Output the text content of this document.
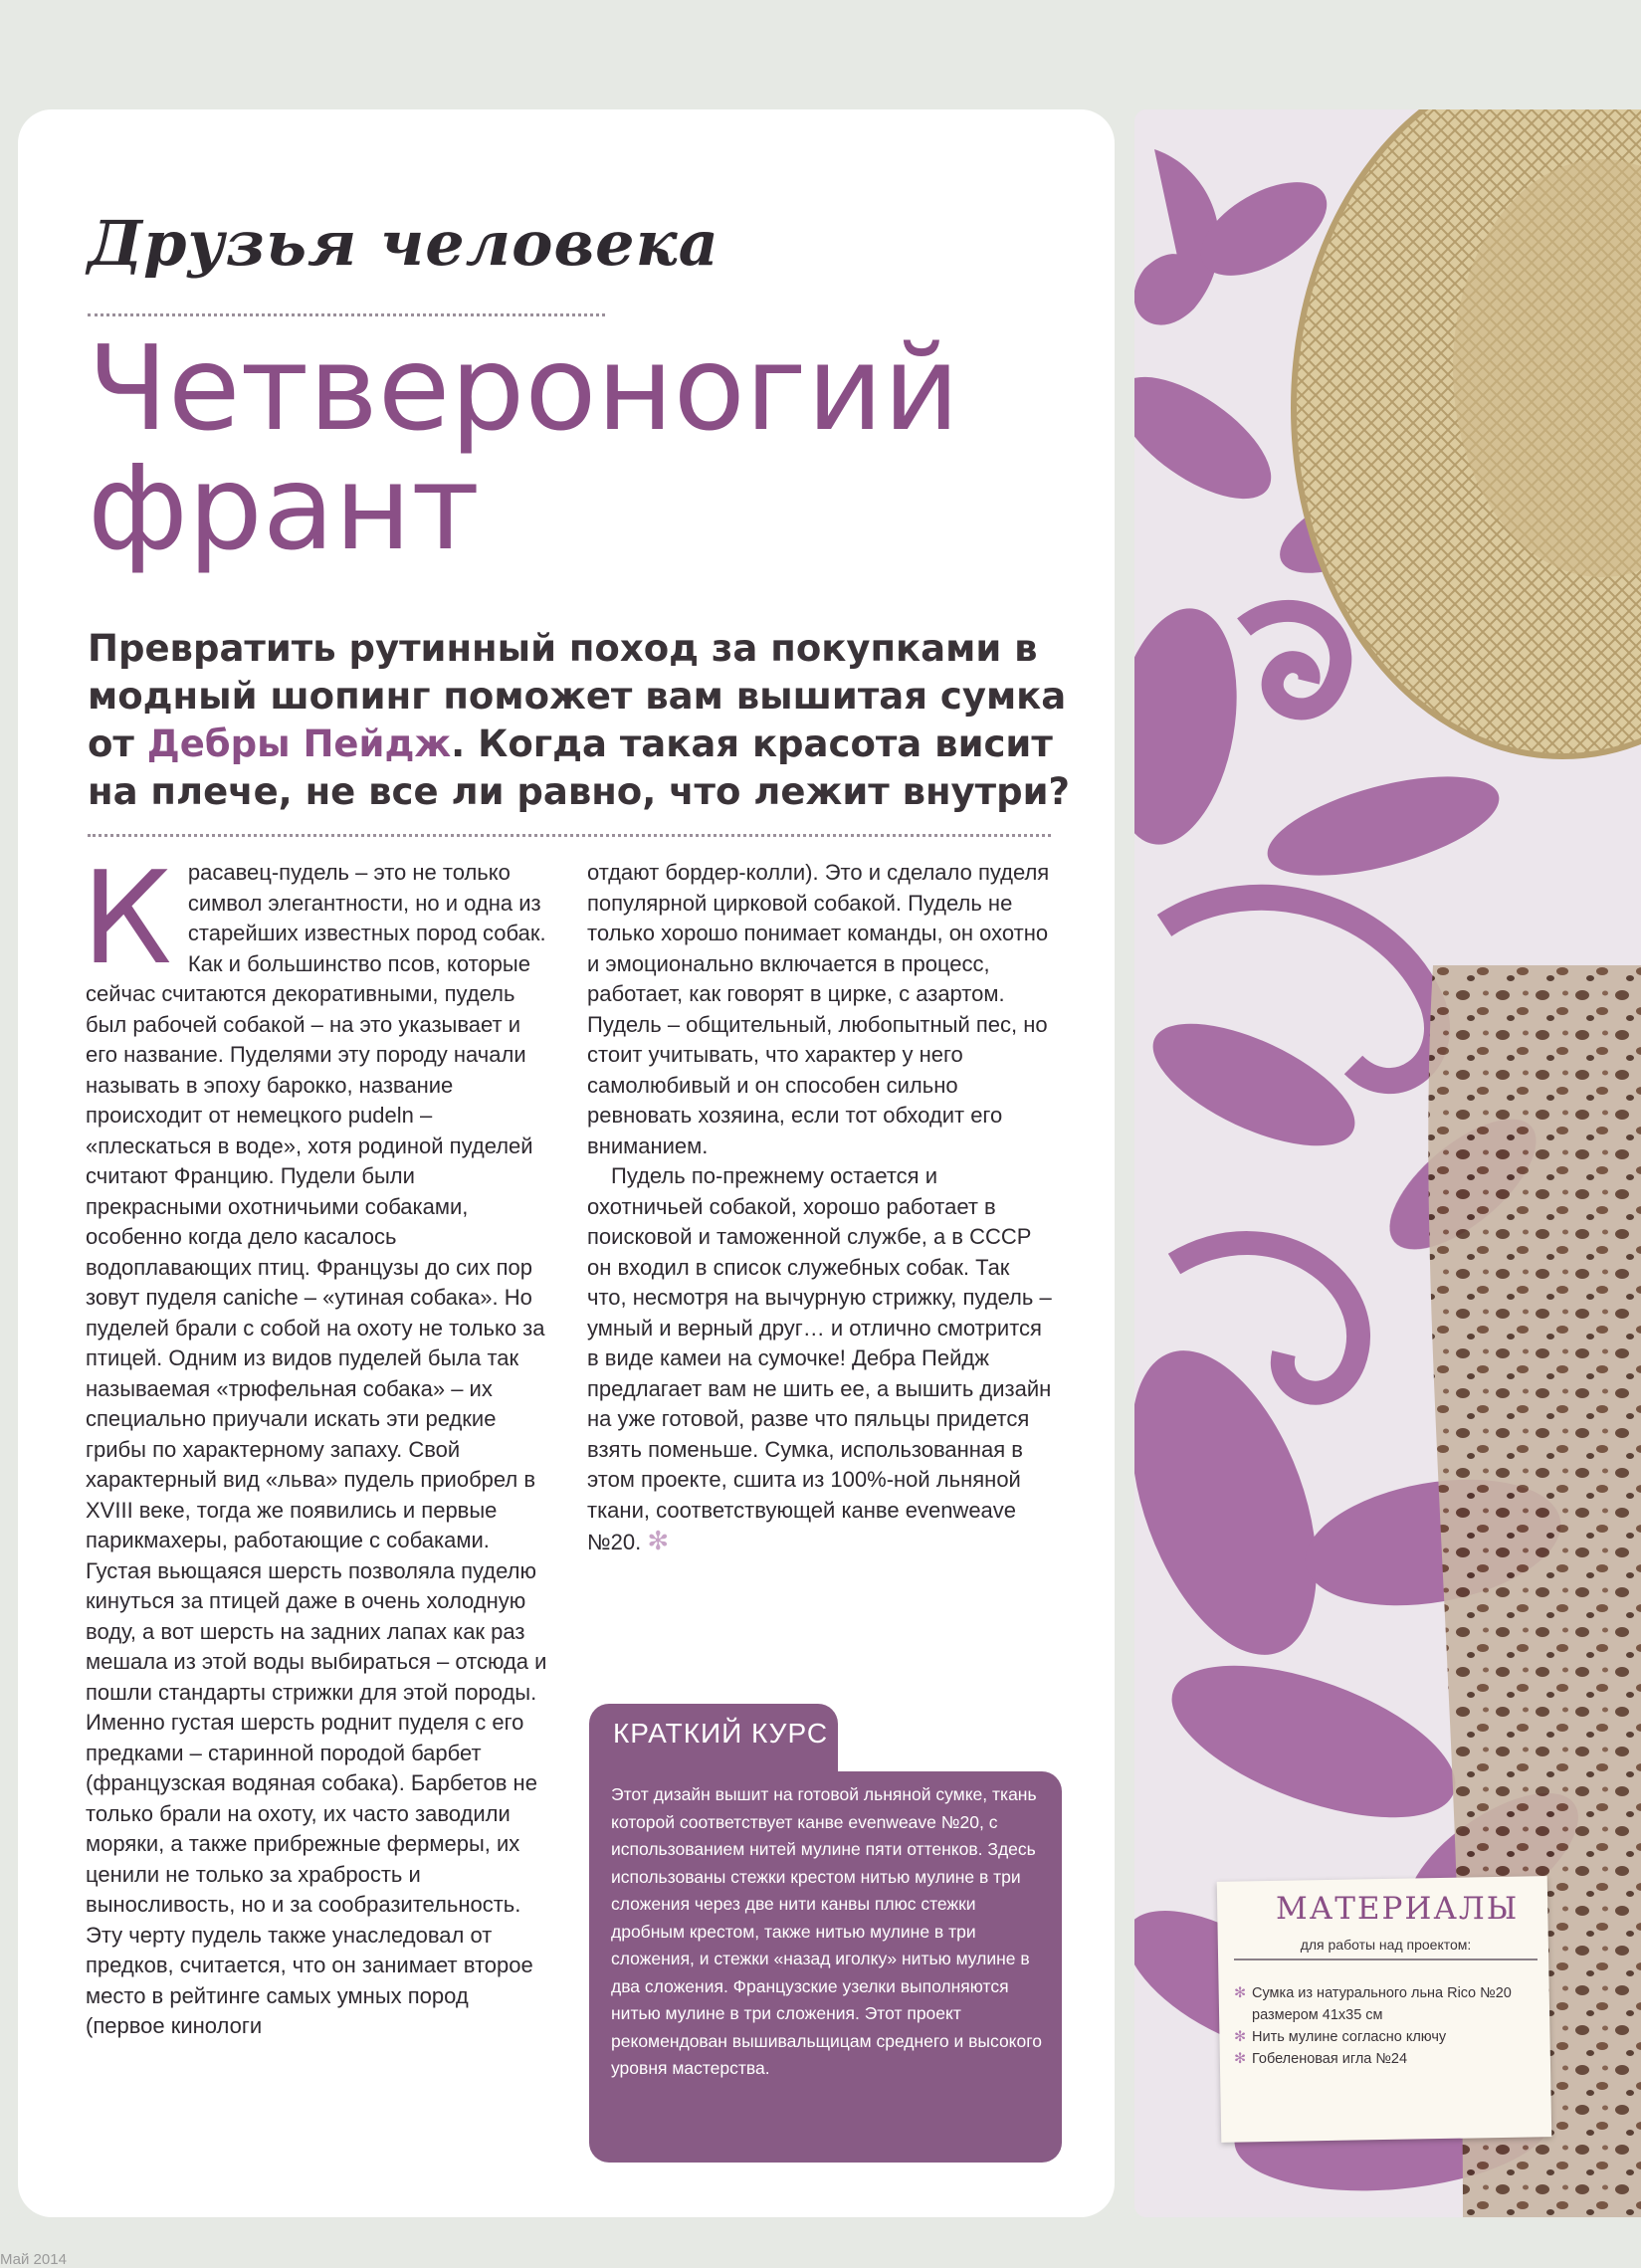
Друзья человека
Четвероногий
франт

Превратить рутинный поход за покупками в модный шопинг поможет вам вышитая сумка от Дебры Пейдж. Когда такая красота висит на плече, не все ли равно, что лежит внутри?

Красавец-пудель – это не только символ элегантности, но и одна из старейших известных пород собак. Как и большинство псов, которые сейчас считаются декоративными, пудель был рабочей собакой – на это указывает и его название. Пуделями эту породу начали называть в эпоху барокко, название происходит от немецкого pudeln – «плескаться в воде», хотя родиной пуделей считают Францию. Пудели были прекрасными охотничьими собаками, особенно когда дело касалось водоплавающих птиц. Французы до сих пор зовут пуделя caniche – «утиная собака». Но пуделей брали с собой на охоту не только за птицей. Одним из видов пуделей была так называемая «трюфельная собака» – их специально приучали искать эти редкие грибы по характерному запаху. Свой характерный вид «льва» пудель приобрел в XVIII веке, тогда же появились и первые парикмахеры, работающие с собаками. Густая вьющаяся шерсть позволяла пуделю кинуться за птицей даже в очень холодную воду, а вот шерсть на задних лапах как раз мешала из этой воды выбираться – отсюда и пошли стандарты стрижки для этой породы. Именно густая шерсть роднит пуделя с его предками – старинной породой барбет (французская водяная собака). Барбетов не только брали на охоту, их часто заводили моряки, а также прибрежные фермеры, их ценили не только за храбрость и выносливость, но и за сообразительность. Эту черту пудель также унаследовал от предков, считается, что он занимает второе место в рейтинге самых умных пород (первое кинологи

отдают бордер-колли). Это и сделало пуделя популярной цирковой собакой. Пудель не только хорошо понимает команды, он охотно и эмоционально включается в процесс, работает, как говорят в цирке, с азартом. Пудель – общительный, любопытный пес, но стоит учитывать, что характер у него самолюбивый и он способен сильно ревновать хозяина, если тот обходит его вниманием.

Пудель по-прежнему остается и охотничьей собакой, хорошо работает в поисковой и таможенной службе, а в СССР он входил в список служебных собак. Так что, несмотря на вычурную стрижку, пудель – умный и верный друг… и отлично смотрится в виде камеи на сумочке! Дебра Пейдж предлагает вам не шить ее, а вышить дизайн на уже готовой, разве что пяльцы придется взять поменьше. Сумка, использованная в этом проекте, сшита из 100%-ной льняной ткани, соответствующей канве evenweave №20. ✻

КРАТКИЙ КУРС

Этот дизайн вышит на готовой льняной сумке, ткань которой соответствует канве evenweave №20, с использованием нитей мулине пяти оттенков. Здесь использованы стежки крестом нитью мулине в три сложения через две нити канвы плюс стежки дробным крестом, также нитью мулине в три сложения, и стежки «назад иголку» нитью мулине в два сложения. Французские узелки выполняются нитью мулине в три сложения. Этот проект рекомендован вышивальщицам среднего и высокого уровня мастерства.

МАТЕРИАЛЫ

для работы над проектом:

✻ Сумка из натурального льна Rico №20 размером 41x35 см
✻ Нить мулине согласно ключу
✻ Гобеленовая игла №24

Май 2014
